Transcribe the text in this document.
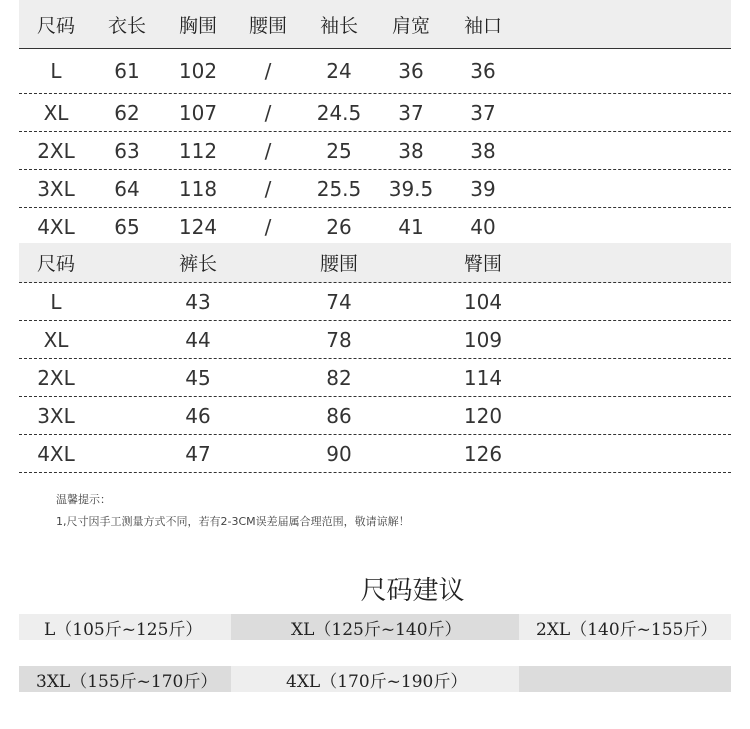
尺码 衣长 胸围 腰围 袖长 肩宽 袖口
L	61	102	/	24	36	36
XL	62	107	/	24.5	37	37
2XL	63	112	/	25	38	38
3XL	64	118	/	25.5 39.5	39
4XL	65	124	/	26	41	40
尺码	裤长	腰围	臀围
L	43	74	104
XL	44	78	109
2XL	45	82	114
3XL	46	86	120
4XL	47	90	126
温馨提示：
1,尺寸因手工测量方式不同，若有2-3CM误差届属合理范围，敬请谅解！
尺码建议
L（105斤~125斤）	XL（125斤~140斤）	2XL（140斤~155斤）
3XL（155斤~170斤）	4XL（170斤~190斤）
